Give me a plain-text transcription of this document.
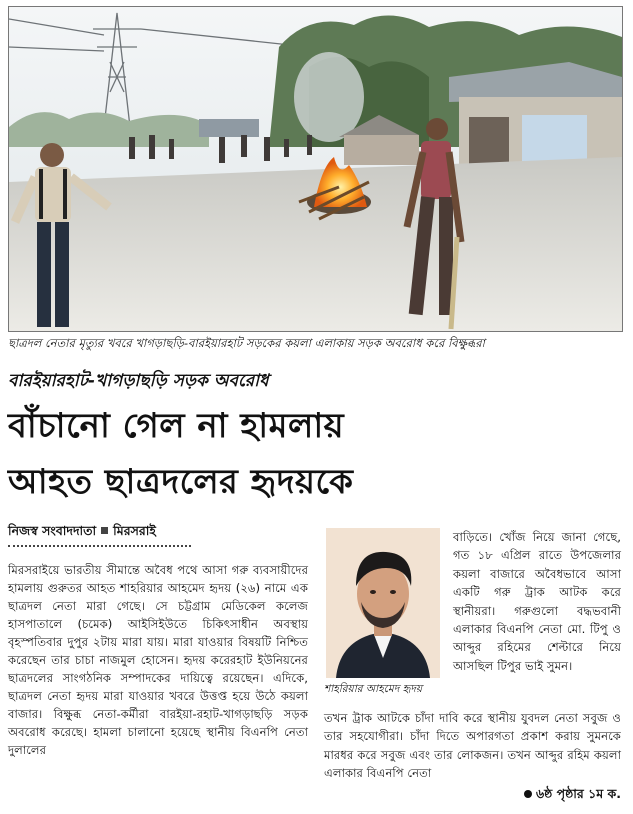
ছাত্রদল নেতার মৃত্যুর খবরে খাগড়াছড়ি-বারইয়ারহাট সড়কের কয়লা এলাকায় সড়ক অবরোধ করে বিক্ষুব্ধরা
বারইয়ারহাট-খাগড়াছড়ি সড়ক অবরোধ
বাঁচানো গেল না হামলায়
আহত ছাত্রদলের হৃদয়কে
নিজস্ব সংবাদদাতা মিরসরাই

মিরসরাইয়ে ভারতীয় সীমান্তে অবৈধ পথে আসা গরু ব্যবসায়ীদের হামলায় গুরুতর আহত শাহরিয়ার আহমেদ হৃদয় (২৬) নামে এক ছাত্রদল নেতা মারা গেছে। সে চট্টগ্রাম মেডিকেল কলেজ হাসপাতালে (চমেক) আইসিইউতে চিকিৎসাধীন অবস্থায় বৃহস্পতিবার দুপুর ২টায় মারা যায়। মারা যাওয়ার বিষয়টি নিশ্চিত করেছেন তার চাচা নাজমুল হোসেন। হৃদয় করেরহাট ইউনিয়নের ছাত্রদলের সাংগঠনিক সম্পাদকের দায়িত্বে রয়েছেন। এদিকে, ছাত্রদল নেতা হৃদয় মারা যাওয়ার খবরে উত্তপ্ত হয়ে উঠে কয়লা বাজার। বিক্ষুব্ধ নেতা-কর্মীরা বারইয়া-রহাট-খাগড়াছড়ি সড়ক অবরোধ করেছে। হামলা চালানো হয়েছে স্থানীয় বিএনপি নেতা দুলালের

শাহরিয়ার আহমেদ হৃদয়

বাড়িতে। খোঁজ নিয়ে জানা গেছে, গত ১৮ এপ্রিল রাতে উপজেলার কয়লা বাজারে অবৈধভাবে আসা একটি গরু ট্রাক আটক করে স্থানীয়রা। গরুগুলো বদ্ধভবানী এলাকার বিএনপি নেতা মো. টিপু ও আব্দুর রহিমের শেল্টারে নিয়ে আসছিল টিপুর ভাই সুমন।

তখন ট্রাক আটকে চাঁদা দাবি করে স্থানীয় যুবদল নেতা সবুজ ও তার সহযোগীরা। চাঁদা দিতে অপারগতা প্রকাশ করায় সুমনকে মারধর করে সবুজ এবং তার লোকজন। তখন আব্দুর রহিম কয়লা এলাকার বিএনপি নেতা

৬ষ্ঠ পৃষ্ঠার ১ম ক.
